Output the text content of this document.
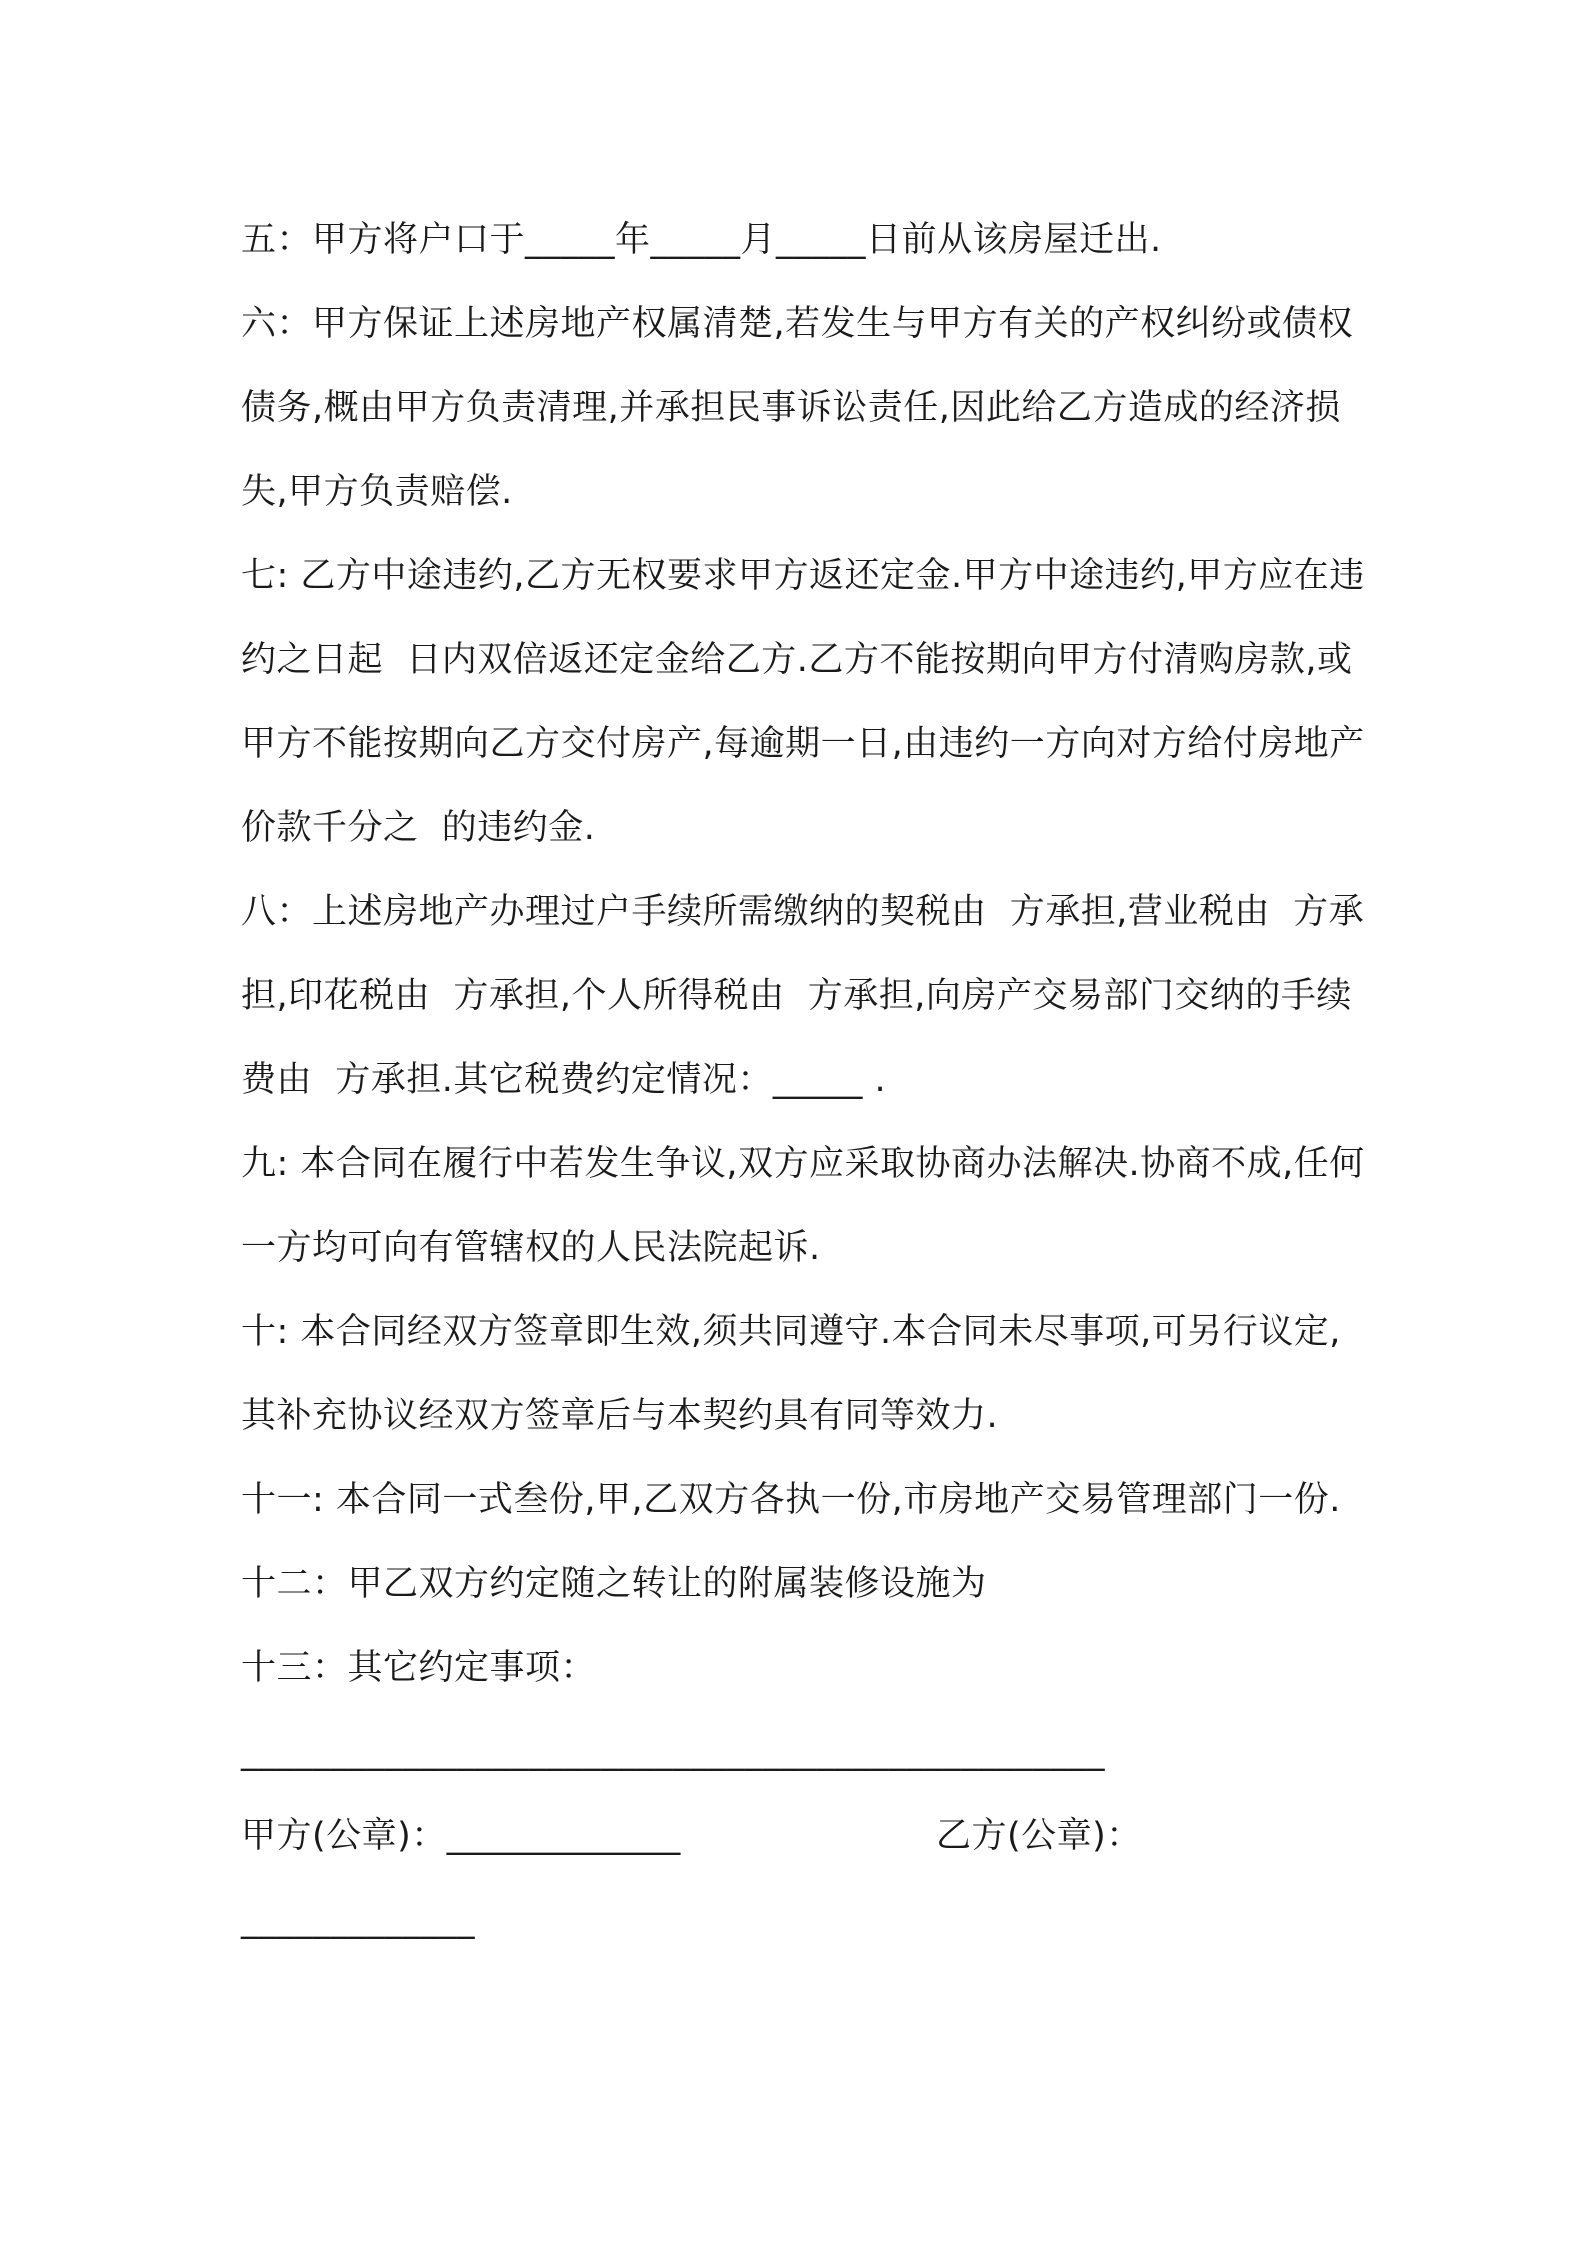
五：甲方将户口于_____年_____月_____日前从该房屋迁出.

六：甲方保证上述房地产权属清楚,若发生与甲方有关的产权纠纷或债权债务,概由甲方负责清理,并承担民事诉讼责任,因此给乙方造成的经济损失,甲方负责赔偿.

七: 乙方中途违约,乙方无权要求甲方返还定金.甲方中途违约,甲方应在违约之日起  日内双倍返还定金给乙方.乙方不能按期向甲方付清购房款,或甲方不能按期向乙方交付房产,每逾期一日,由违约一方向对方给付房地产价款千分之  的违约金.

八：上述房地产办理过户手续所需缴纳的契税由  方承担,营业税由  方承担,印花税由  方承担,个人所得税由  方承担,向房产交易部门交纳的手续费由  方承担.其它税费约定情况：_____ .

九: 本合同在履行中若发生争议,双方应采取协商办法解决.协商不成,任何一方均可向有管辖权的人民法院起诉.

十: 本合同经双方签章即生效,须共同遵守.本合同未尽事项,可另行议定,其补充协议经双方签章后与本契约具有同等效力.

十一: 本合同一式叁份,甲,乙双方各执一份,市房地产交易管理部门一份.

十二：甲乙双方约定随之转让的附属装修设施为

十三：其它约定事项：

________________________________________________

甲方(公章)：_____________	乙方(公章)：
_____________
